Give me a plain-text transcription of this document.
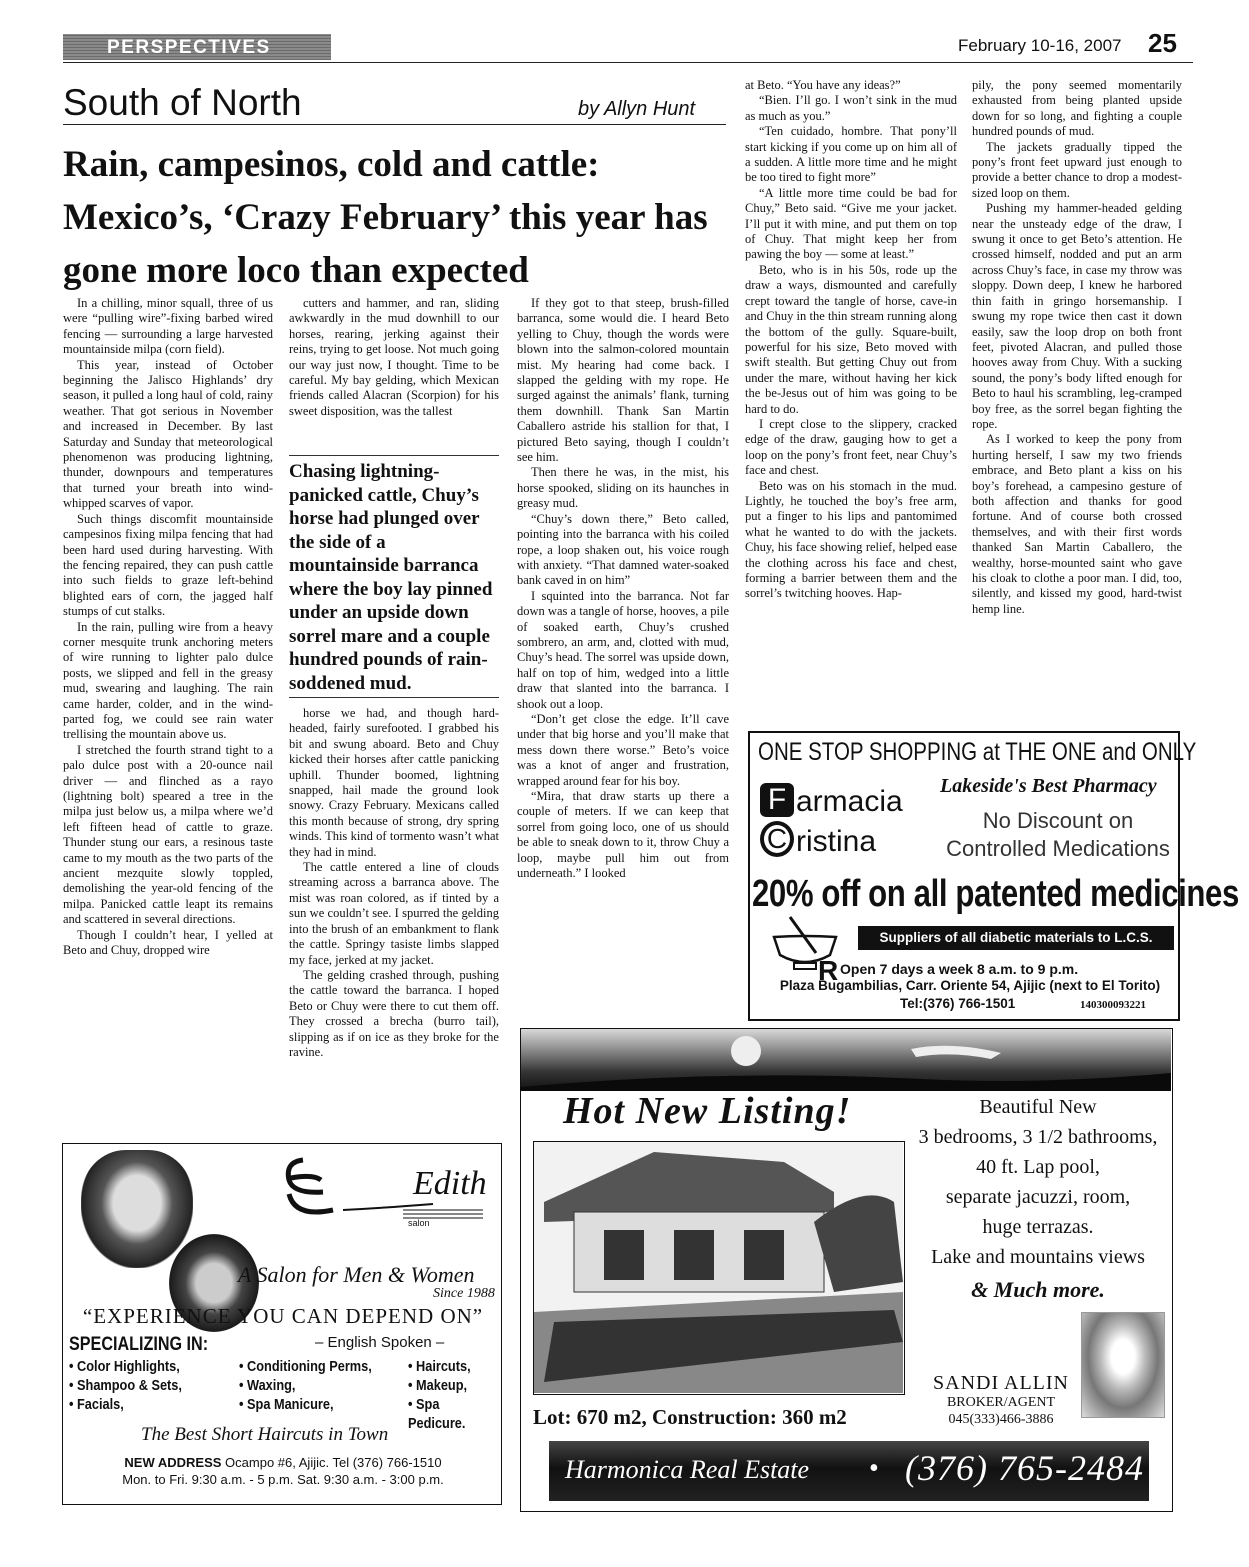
PERSPECTIVES	February 10-16, 2007 25
South of North	by Allyn Hunt
Rain, campesinos, cold and cattle: Mexico’s, ‘Crazy February’ this year has gone more loco than expected

In a chilling, minor squall, three of us were “pulling wire”-fixing barbed wired fencing — surrounding a large harvested mountainside milpa (corn field).

This year, instead of October beginning the Jalisco Highlands’ dry season, it pulled a long haul of cold, rainy weather. That got serious in November and increased in December. By last Saturday and Sunday that meteorological phenomenon was producing lightning, thunder, downpours and temperatures that turned your breath into wind-whipped scarves of vapor.

Such things discomfit mountainside campesinos fixing milpa fencing that had been hard used during harvesting. With the fencing repaired, they can push cattle into such fields to graze left-behind blighted ears of corn, the jagged half stumps of cut stalks.

In the rain, pulling wire from a heavy corner mesquite trunk anchoring meters of wire running to lighter palo dulce posts, we slipped and fell in the greasy mud, swearing and laughing. The rain came harder, colder, and in the wind-parted fog, we could see rain water trellising the mountain above us.

I stretched the fourth strand tight to a palo dulce post with a 20-ounce nail driver — and flinched as a rayo (lightning bolt) speared a tree in the milpa just below us, a milpa where we’d left fifteen head of cattle to graze. Thunder stung our ears, a resinous taste came to my mouth as the two parts of the ancient mezquite slowly toppled, demolishing the year-old fencing of the milpa. Panicked cattle leapt its remains and scattered in several directions.

Though I couldn’t hear, I yelled at Beto and Chuy, dropped wire

cutters and hammer, and ran, sliding awkwardly in the mud downhill to our horses, rearing, jerking against their reins, trying to get loose. Not much going our way just now, I thought. Time to be careful. My bay gelding, which Mexican friends called Alacran (Scorpion) for his sweet disposition, was the tallest

Chasing lightning-panicked cattle, Chuy’s horse had plunged over the side of a mountainside barranca where the boy lay pinned under an upside down sorrel mare and a couple hundred pounds of rain-soddened mud.

horse we had, and though hard-headed, fairly surefooted. I grabbed his bit and swung aboard. Beto and Chuy kicked their horses after cattle panicking uphill. Thunder boomed, lightning snapped, hail made the ground look snowy. Crazy February. Mexicans called this month because of strong, dry spring winds. This kind of tormento wasn’t what they had in mind.

The cattle entered a line of clouds streaming across a barranca above. The mist was roan colored, as if tinted by a sun we couldn’t see. I spurred the gelding into the brush of an embankment to flank the cattle. Springy tasiste limbs slapped my face, jerked at my jacket.

The gelding crashed through, pushing the cattle toward the barranca. I hoped Beto or Chuy were there to cut them off. They crossed a brecha (burro tail), slipping as if on ice as they broke for the ravine.

If they got to that steep, brush-filled barranca, some would die. I heard Beto yelling to Chuy, though the words were blown into the salmon-colored mountain mist. My hearing had come back. I slapped the gelding with my rope. He surged against the animals’ flank, turning them downhill. Thank San Martin Caballero astride his stallion for that, I pictured Beto saying, though I couldn’t see him.

Then there he was, in the mist, his horse spooked, sliding on its haunches in greasy mud.

“Chuy’s down there,” Beto called, pointing into the barranca with his coiled rope, a loop shaken out, his voice rough with anxiety. “That damned water-soaked bank caved in on him”

I squinted into the barranca. Not far down was a tangle of horse, hooves, a pile of soaked earth, Chuy’s crushed sombrero, an arm, and, clotted with mud, Chuy’s head. The sorrel was upside down, half on top of him, wedged into a little draw that slanted into the barranca. I shook out a loop.

“Don’t get close the edge. It’ll cave under that big horse and you’ll make that mess down there worse.” Beto’s voice was a knot of anger and frustration, wrapped around fear for his boy.

“Mira, that draw starts up there a couple of meters. If we can keep that sorrel from going loco, one of us should be able to sneak down to it, throw Chuy a loop, maybe pull him out from underneath.” I looked

at Beto. “You have any ideas?”

“Bien. I’ll go. I won’t sink in the mud as much as you.”

“Ten cuidado, hombre. That pony’ll start kicking if you come up on him all of a sudden. A little more time and he might be too tired to fight more”

“A little more time could be bad for Chuy,” Beto said. “Give me your jacket. I’ll put it with mine, and put them on top of Chuy. That might keep her from pawing the boy — some at least.”

Beto, who is in his 50s, rode up the draw a ways, dismounted and carefully crept toward the tangle of horse, cave-in and Chuy in the thin stream running along the bottom of the gully. Square-built, powerful for his size, Beto moved with swift stealth. But getting Chuy out from under the mare, without having her kick the be-Jesus out of him was going to be hard to do.

I crept close to the slippery, cracked edge of the draw, gauging how to get a loop on the pony’s front feet, near Chuy’s face and chest.

Beto was on his stomach in the mud. Lightly, he touched the boy’s free arm, put a finger to his lips and pantomimed what he wanted to do with the jackets. Chuy, his face showing relief, helped ease the clothing across his face and chest, forming a barrier between them and the sorrel’s twitching hooves. Hap-

pily, the pony seemed momentarily exhausted from being planted upside down for so long, and fighting a couple hundred pounds of mud.

The jackets gradually tipped the pony’s front feet upward just enough to provide a better chance to drop a modest-sized loop on them.

Pushing my hammer-headed gelding near the unsteady edge of the draw, I swung it once to get Beto’s attention. He crossed himself, nodded and put an arm across Chuy’s face, in case my throw was sloppy. Down deep, I knew he harbored thin faith in gringo horsemanship. I swung my rope twice then cast it down easily, saw the loop drop on both front feet, pivoted Alacran, and pulled those hooves away from Chuy. With a sucking sound, the pony’s body lifted enough for Beto to haul his scrambling, leg-cramped boy free, as the sorrel began fighting the rope.

As I worked to keep the pony from hurting herself, I saw my two friends embrace, and Beto plant a kiss on his boy’s forehead, a campesino gesture of both affection and thanks for good fortune. And of course both crossed themselves, and with their first words thanked San Martin Caballero, the wealthy, horse-mounted saint who gave his cloak to clothe a poor man. I did, too, silently, and kissed my good, hard-twist hemp line.

ONE STOP SHOPPING at THE ONE and ONLY
F armacia
C ristina
Lakeside's Best Pharmacy
No Discount on Controlled Medications
20% off on all patented medicines
Suppliers of all diabetic materials to L.C.S.
R Open 7 days a week 8 a.m. to 9 p.m.
Plaza Bugambilias, Carr. Oriente 54, Ajijic (next to El Torito)
Tel:(376) 766-1501	140300093221
Edith
salon
A Salon for Men & Women
Since 1988
“EXPERIENCE YOU CAN DEPEND ON”
SPECIALIZING IN:	– English Spoken –
• Color Highlights,
• Shampoo & Sets,
• Facials,
• Conditioning Perms,
• Waxing,
• Spa Manicure,
• Haircuts,
• Makeup,
• Spa Pedicure.
The Best Short Haircuts in Town
NEW ADDRESS Ocampo #6, Ajijic. Tel (376) 766-1510
Mon. to Fri. 9:30 a.m. - 5 p.m. Sat. 9:30 a.m. - 3:00 p.m.
Hot New Listing!
Lot: 670 m2, Construction: 360 m2
Beautiful New
3 bedrooms, 3 1/2 bathrooms,
40 ft. Lap pool,
separate jacuzzi, room,
huge terrazas.
Lake and mountains views
& Much more.
SANDI ALLIN
BROKER/AGENT
045(333)466-3886
Harmonica Real Estate • (376) 765-2484
